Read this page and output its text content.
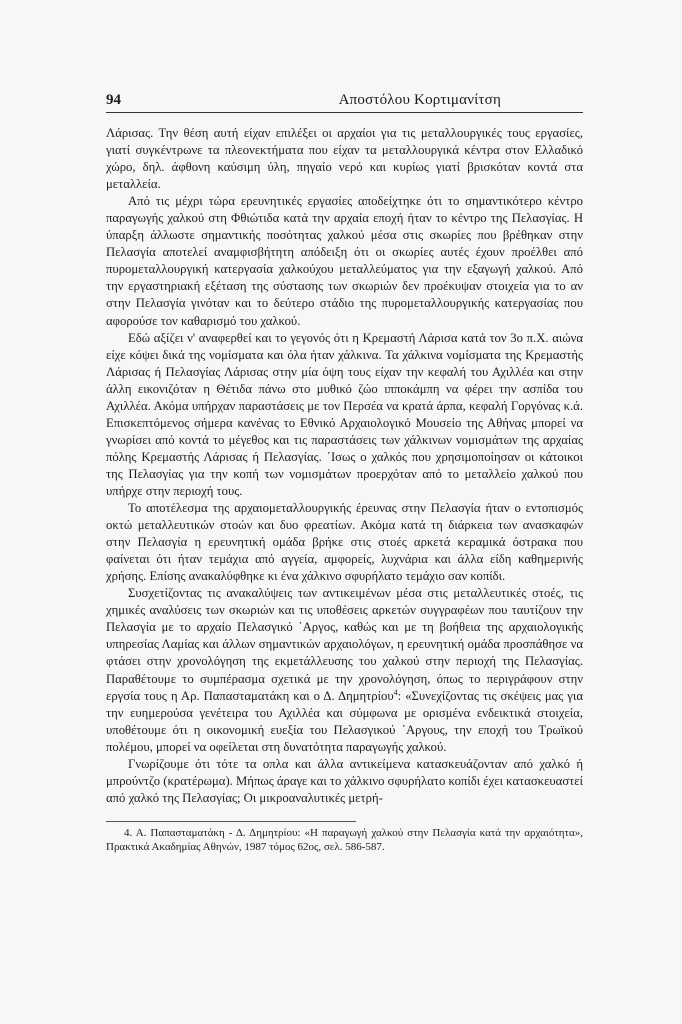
94	Αποστόλου Κορτιμανίτση

Λάρισας. Την θέση αυτή είχαν επιλέξει οι αρχαίοι για τις μεταλλουργικές τους εργασίες, γιατί συγκέντρωνε τα πλεονεκτήματα που είχαν τα μεταλλουργικά κέντρα στον Ελλαδικό χώρο, δηλ. άφθονη καύσιμη ύλη, πηγαίο νερό και κυρίως γιατί βρισκόταν κοντά στα μεταλλεία.

Από τις μέχρι τώρα ερευνητικές εργασίες αποδείχτηκε ότι το σημαντικότερο κέντρο παραγωγής χαλκού στη Φθιώτιδα κατά την αρχαία εποχή ήταν το κέντρο της Πελασγίας. Η ύπαρξη άλλωστε σημαντικής ποσότητας χαλκού μέσα στις σκωρίες που βρέθηκαν στην Πελασγία αποτελεί αναμφισβήτητη απόδειξη ότι οι σκωρίες αυτές έχουν προέλθει από πυρομεταλλουργική κατεργασία χαλκούχου μεταλλεύματος για την εξαγωγή χαλκού. Από την εργαστηριακή εξέταση της σύστασης των σκωριών δεν προέκυψαν στοιχεία για το αν στην Πελασγία γινόταν και το δεύτερο στάδιο της πυρομεταλλουργικής κατεργασίας που αφορούσε τον καθαρισμό του χαλκού.

Εδώ αξίζει ν' αναφερθεί και το γεγονός ότι η Κρεμαστή Λάρισα κατά τον 3ο π.Χ. αιώνα είχε κόψει δικά της νομίσματα και όλα ήταν χάλκινα. Τα χάλκινα νομίσματα της Κρεμαστής Λάρισας ή Πελασγίας Λάρισας στην μία όψη τους είχαν την κεφαλή του Αχιλλέα και στην άλλη εικονιζόταν η Θέτιδα πάνω στο μυθικό ζώο ιπποκάμπη να φέρει την ασπίδα του Αχιλλέα. Ακόμα υπήρχαν παραστάσεις με τον Περσέα να κρατά άρπα, κεφαλή Γοργόνας κ.ά. Επισκεπτόμενος σήμερα κανένας το Εθνικό Αρχαιολογικό Μουσείο της Αθήνας μπορεί να γνωρίσει από κοντά το μέγεθος και τις παραστάσεις των χάλκινων νομισμάτων της αρχαίας πόλης Κρεμαστής Λάρισας ή Πελασγίας. ΄Ισως ο χαλκός που χρησιμοποίησαν οι κάτοικοι της Πελασγίας για την κοπή των νομισμάτων προερχόταν από το μεταλλείο χαλκού που υπήρχε στην περιοχή τους.

Το αποτέλεσμα της αρχαιομεταλλουργικής έρευνας στην Πελασγία ήταν ο εντοπισμός οκτώ μεταλλευτικών στοών και δυο φρεατίων. Ακόμα κατά τη διάρκεια των ανασκαφών στην Πελασγία η ερευνητική ομάδα βρήκε στις στοές αρκετά κεραμικά όστρακα που φαίνεται ότι ήταν τεμάχια από αγγεία, αμφορείς, λυχνάρια και άλλα είδη καθημερινής χρήσης. Επίσης ανακαλύφθηκε κι ένα χάλκινο σφυρήλατο τεμάχιο σαν κοπίδι.

Συσχετίζοντας τις ανακαλύψεις των αντικειμένων μέσα στις μεταλλευτικές στοές, τις χημικές αναλύσεις των σκωριών και τις υποθέσεις αρκετών συγγραφέων που ταυτίζουν την Πελασγία με το αρχαίο Πελασγικό ΄Αργος, καθώς και με τη βοήθεια της αρχαιολογικής υπηρεσίας Λαμίας και άλλων σημαντικών αρχαιολόγων, η ερευνητική ομάδα προσπάθησε να φτάσει στην χρονολόγηση της εκμετάλλευσης του χαλκού στην περιοχή της Πελασγίας. Παραθέτουμε το συμπέρασμα σχετικά με την χρονολόγηση, όπως το περιγράφουν στην εργσία τους η Αρ. Παπασταματάκη και ο Δ. Δημητρίου$^4$: «Συνεχίζοντας τις σκέψεις μας για την ευημερούσα γενέτειρα του Αχιλλέα και σύμφωνα με ορισμένα ενδεικτικά στοιχεία, υποθέτουμε ότι η οικονομική ευεξία του Πελασγικού ΄Αργους, την εποχή του Τρωϊκού πολέμου, μπορεί να οφείλεται στη δυνατότητα παραγωγής χαλκού.

Γνωρίζουμε ότι τότε τα οπλα και άλλα αντικείμενα κατασκευάζονταν από χαλκό ή μπρούντζο (κρατέρωμα). Μήπως άραγε και το χάλκινο σφυρήλατο κοπίδι έχει κατασκευαστεί από χαλκό της Πελασγίας; Οι μικροαναλυτικές μετρή-

4. Α. Παπασταματάκη - Δ. Δημητρίου: «Η παραγωγή χαλκού στην Πελασγία κατά την αρχαιότητα», Πρακτικά Ακαδημίας Αθηνών, 1987 τόμος 62ος, σελ. 586-587.
